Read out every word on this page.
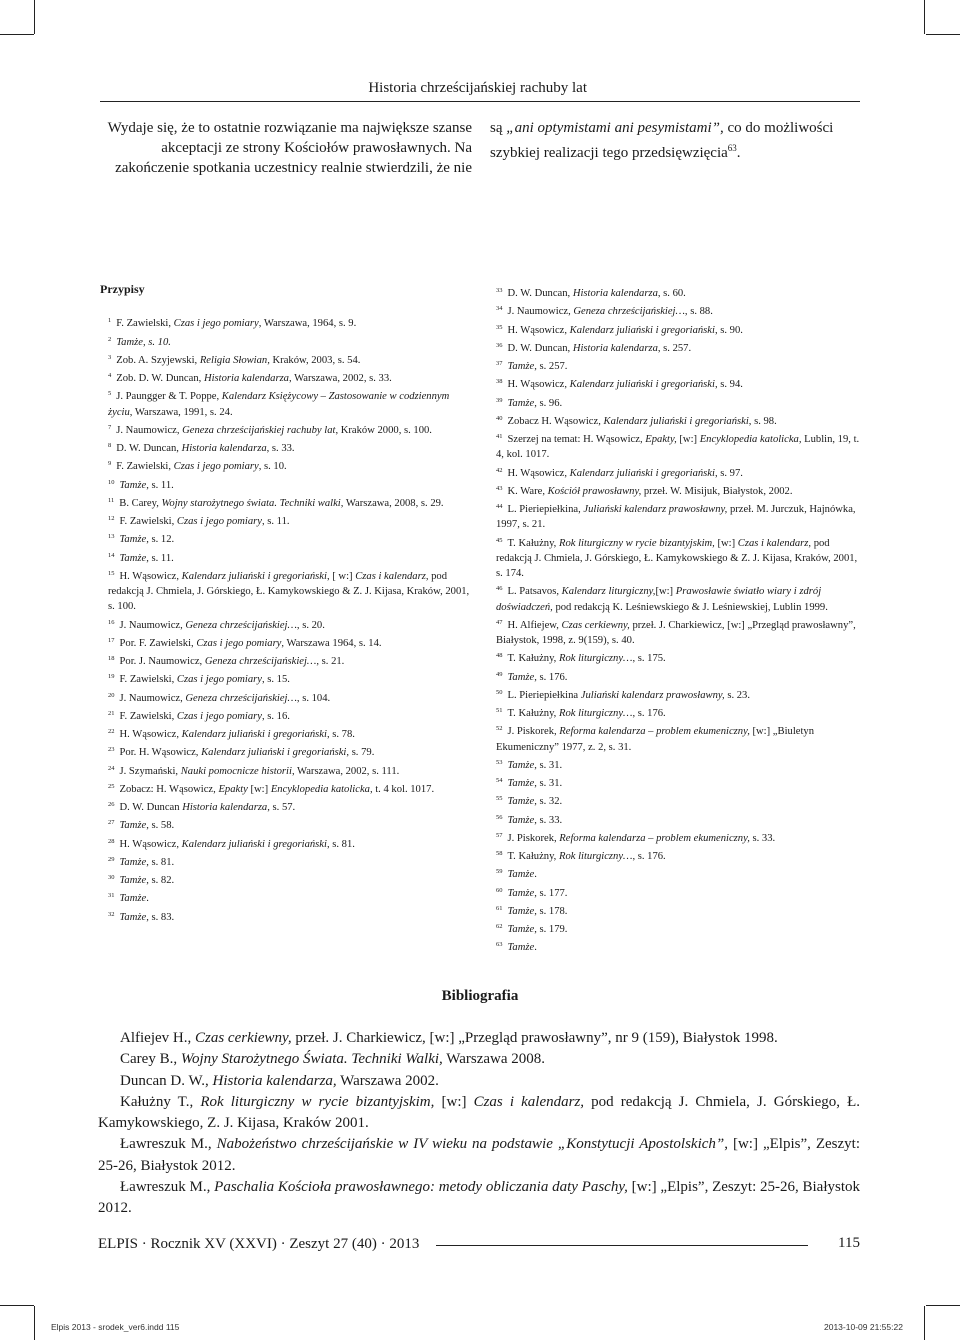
Historia chrześcijańskiej rachuby lat

Wydaje się, że to ostatnie rozwiązanie ma największe szanse akceptacji ze strony Kościołów prawosławnych. Na zakończenie spotkania uczestnicy realnie stwierdzili, że nie

są „ani optymistami ani pesymistami”, co do możliwości szybkiej realizacji tego przedsięwzięcia$^{63}$.

Przypisy

$^1$ F. Zawielski, Czas i jego pomiary, Warszawa, 1964, s. 9.

$^2$ Tamże, s. 10.

$^3$ Zob. A. Szyjewski, Religia Słowian, Kraków, 2003, s. 54.

$^4$ Zob. D. W. Duncan, Historia kalendarza, Warszawa, 2002, s. 33.

$^5$ J. Paungger & T. Poppe, Kalendarz Księżycowy – Zastosowanie w codziennym życiu, Warszawa, 1991, s. 24.

$^7$ J. Naumowicz, Geneza chrześcijańskiej rachuby lat, Kraków 2000, s. 100.

$^8$ D. W. Duncan, Historia kalendarza, s. 33.

$^9$ F. Zawielski, Czas i jego pomiary, s. 10.

$^{10}$ Tamże, s. 11.

$^{11}$ B. Carey, Wojny starożytnego świata. Techniki walki, Warszawa, 2008, s. 29.

$^{12}$ F. Zawielski, Czas i jego pomiary, s. 11.

$^{13}$ Tamże, s. 12.

$^{14}$ Tamże, s. 11.

$^{15}$ H. Wąsowicz, Kalendarz juliański i gregoriański, [ w:] Czas i kalendarz, pod redakcją J. Chmiela, J. Górskiego, Ł. Kamykowskiego & Z. J. Kijasa, Kraków, 2001, s. 100.

$^{16}$ J. Naumowicz, Geneza chrześcijańskiej…, s. 20.

$^{17}$ Por. F. Zawielski, Czas i jego pomiary, Warszawa 1964, s. 14.

$^{18}$ Por. J. Naumowicz, Geneza chrześcijańskiej…, s. 21.

$^{19}$ F. Zawielski, Czas i jego pomiary, s. 15.

$^{20}$ J. Naumowicz, Geneza chrześcijańskiej…, s. 104.

$^{21}$ F. Zawielski, Czas i jego pomiary, s. 16.

$^{22}$ H. Wąsowicz, Kalendarz juliański i gregoriański, s. 78.

$^{23}$ Por. H. Wąsowicz, Kalendarz juliański i gregoriański, s. 79.

$^{24}$ J. Szymański, Nauki pomocnicze historii, Warszawa, 2002, s. 111.

$^{25}$ Zobacz: H. Wąsowicz, Epakty [w:] Encyklopedia katolicka, t. 4 kol. 1017.

$^{26}$ D. W. Duncan Historia kalendarza, s. 57.

$^{27}$ Tamże, s. 58.

$^{28}$ H. Wąsowicz, Kalendarz juliański i gregoriański, s. 81.

$^{29}$ Tamże, s. 81.

$^{30}$ Tamże, s. 82.

$^{31}$ Tamże.

$^{32}$ Tamże, s. 83.

$^{33}$ D. W. Duncan, Historia kalendarza, s. 60.

$^{34}$ J. Naumowicz, Geneza chrześcijańskiej…, s. 88.

$^{35}$ H. Wąsowicz, Kalendarz juliański i gregoriański, s. 90.

$^{36}$ D. W. Duncan, Historia kalendarza, s. 257.

$^{37}$ Tamże, s. 257.

$^{38}$ H. Wąsowicz, Kalendarz juliański i gregoriański, s. 94.

$^{39}$ Tamże, s. 96.

$^{40}$ Zobacz H. Wąsowicz, Kalendarz juliański i gregoriański, s. 98.

$^{41}$ Szerzej na temat: H. Wąsowicz, Epakty, [w:] Encyklopedia katolicka, Lublin, 19, t. 4, kol. 1017.

$^{42}$ H. Wąsowicz, Kalendarz juliański i gregoriański, s. 97.

$^{43}$ K. Ware, Kościół prawosławny, przeł. W. Misijuk, Białystok, 2002.

$^{44}$ L. Pieriepiełkina, Juliański kalendarz prawosławny, przeł. M. Jurczuk, Hajnówka, 1997, s. 21.

$^{45}$ T. Kałużny, Rok liturgiczny w rycie bizantyjskim, [w:] Czas i kalendarz, pod redakcją J. Chmiela, J. Górskiego, Ł. Kamykowskiego & Z. J. Kijasa, Kraków, 2001, s. 174.

$^{46}$ L. Patsavos, Kalendarz liturgiczny,[w:] Prawosławie światło wiary i zdrój doświadczeń, pod redakcją K. Leśniewskiego & J. Leśniewskiej, Lublin 1999.

$^{47}$ H. Alfiejew, Czas cerkiewny, przeł. J. Charkiewicz, [w:] „Przegląd prawosławny”, Białystok, 1998, z. 9(159), s. 40.

$^{48}$ T. Kałużny, Rok liturgiczny…, s. 175.

$^{49}$ Tamże, s. 176.

$^{50}$ L. Pieriepiełkina Juliański kalendarz prawosławny, s. 23.

$^{51}$ T. Kałużny, Rok liturgiczny…, s. 176.

$^{52}$ J. Piskorek, Reforma kalendarza – problem ekumeniczny, [w:] „Biuletyn Ekumeniczny” 1977, z. 2, s. 31.

$^{53}$ Tamże, s. 31.

$^{54}$ Tamże, s. 31.

$^{55}$ Tamże, s. 32.

$^{56}$ Tamże, s. 33.

$^{57}$ J. Piskorek, Reforma kalendarza – problem ekumeniczny, s. 33.

$^{58}$ T. Kałużny, Rok liturgiczny…, s. 176.

$^{59}$ Tamże.

$^{60}$ Tamże, s. 177.

$^{61}$ Tamże, s. 178.

$^{62}$ Tamże, s. 179.

$^{63}$ Tamże.

Bibliografia

Alfiejev H., Czas cerkiewny, przeł. J. Charkiewicz, [w:] „Przegląd prawosławny”, nr 9 (159), Białystok 1998.

Carey B., Wojny Starożytnego Świata. Techniki Walki, Warszawa 2008.

Duncan D. W., Historia kalendarza, Warszawa 2002.

Kałużny T., Rok liturgiczny w rycie bizantyjskim, [w:] Czas i kalendarz, pod redakcją J. Chmiela, J. Górskiego, Ł. Kamykowskiego, Z. J. Kijasa, Kraków 2001.

Ławreszuk M., Nabożeństwo chrześcijańskie w IV wieku na podstawie „Konstytucji Apostolskich”, [w:] „Elpis”, Zeszyt: 25-26, Białystok 2012.

Ławreszuk M., Paschalia Kościoła prawosławnego: metody obliczania daty Paschy, [w:] „Elpis”, Zeszyt: 25-26, Białystok 2012.

ELPIS · Rocznik XV (XXVI) · Zeszyt 27 (40) · 2013	115
Elpis 2013 - srodek_ver6.indd 115	2013-10-09 21:55:22
